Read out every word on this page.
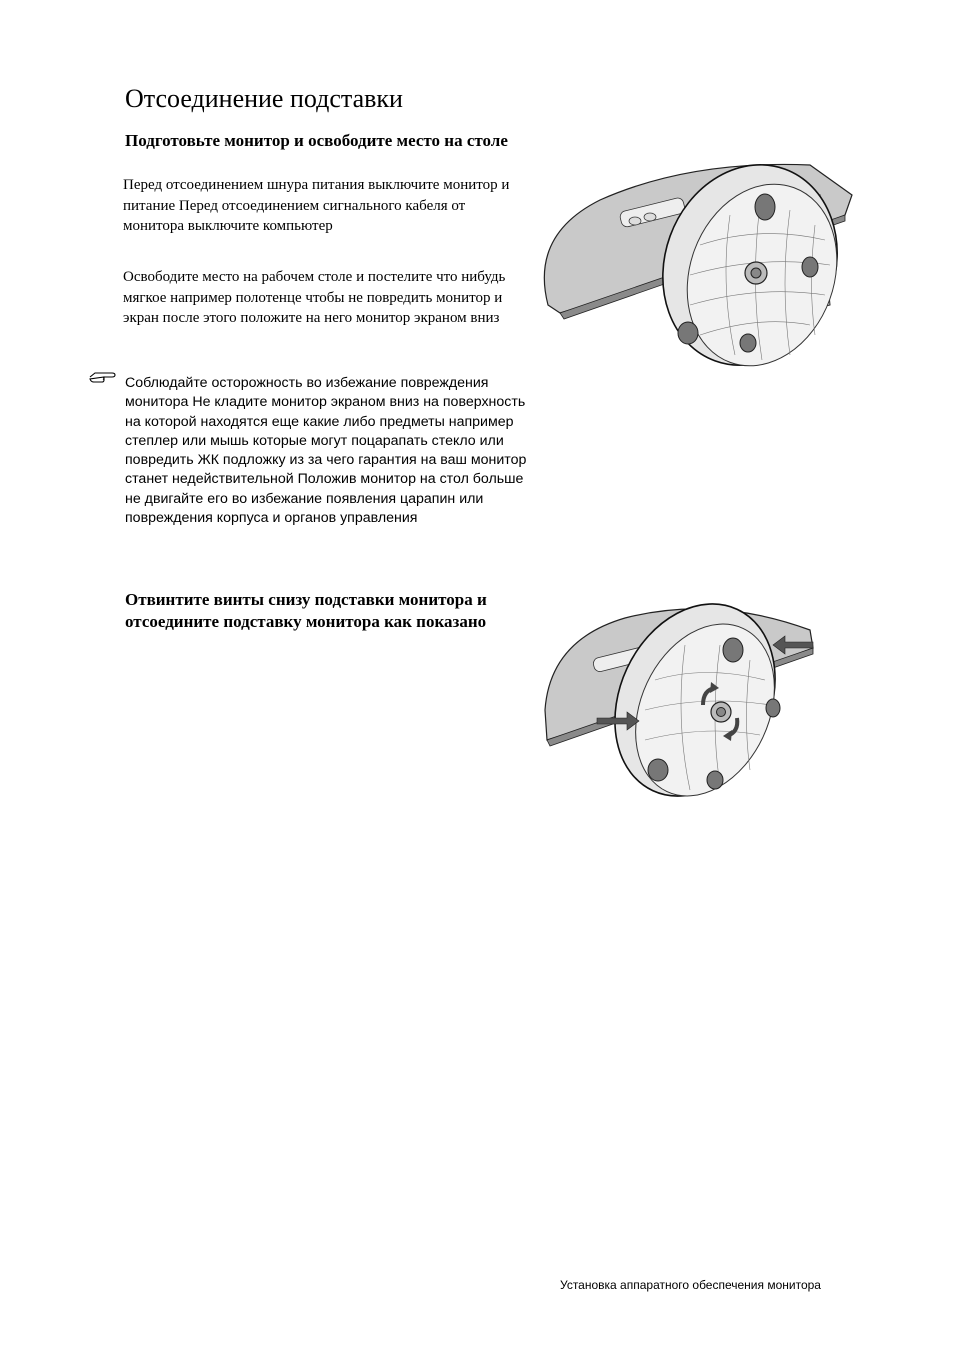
Отсоединение подставки
Подготовьте монитор и освободите место на столе
Перед отсоединением шнура питания выключите монитор и питание Перед отсоединением сигнального кабеля от монитора выключите компьютер
Освободите место на рабочем столе и постелите что нибудь мягкое например полотенце чтобы не повредить монитор и экран после этого положите на него монитор экраном вниз
Соблюдайте осторожность во избежание повреждения монитора Не кладите монитор экраном вниз на поверхность на которой находятся еще какие либо предметы например степлер или мышь которые могут поцарапать стекло или повредить ЖК подложку из за чего гарантия на ваш монитор станет недействительной Положив монитор на стол больше не двигайте его во избежание появления царапин или повреждения корпуса и органов управления
Отвинтите винты снизу подставки монитора и отсоедините подставку монитора как показано
Установка аппаратного обеспечения монитора
